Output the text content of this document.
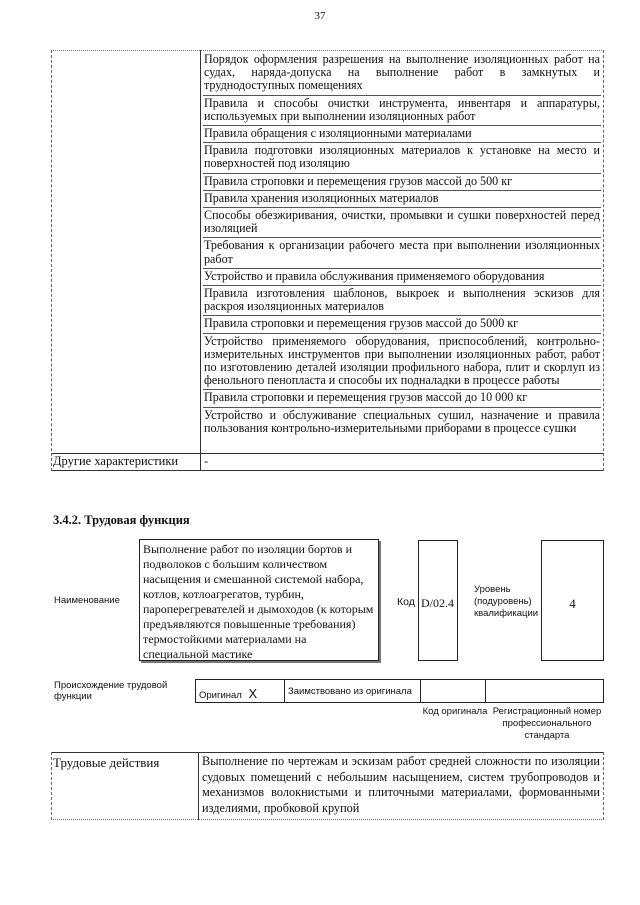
37
Порядок оформления разрешения на выполнение изоляционных работ на судах, наряда-допуска на выполнение работ в замкнутых и труднодоступных помещениях
Правила и способы очистки инструмента, инвентаря и аппаратуры, используемых при выполнении изоляционных работ
Правила обращения с изоляционными материалами
Правила подготовки изоляционных материалов к установке на место и поверхностей под изоляцию
Правила строповки и перемещения грузов массой до 500 кг
Правила хранения изоляционных материалов
Способы обезжиривания, очистки, промывки и сушки поверхностей перед изоляцией
Требования к организации рабочего места при выполнении изоляционных работ
Устройство и правила обслуживания применяемого оборудования
Правила изготовления шаблонов, выкроек и выполнения эскизов для раскроя изоляционных материалов
Правила строповки и перемещения грузов массой до 5000 кг
Устройство применяемого оборудования, приспособлений, контрольно-измерительных инструментов при выполнении изоляционных работ, работ по изготовлению деталей изоляции профильного набора, плит и скорлуп из фенольного пенопласта и способы их подналадки в процессе работы
Правила строповки и перемещения грузов массой до 10 000 кг
Устройство и обслуживание специальных сушил, назначение и правила пользования контрольно-измерительными приборами в процессе сушки
Другие характеристики -
3.4.2. Трудовая функция
Наименование
Выполнение работ по изоляции бортов и подволоков с большим количеством насыщения и смешанной системой набора, котлов, котлоагрегатов, турбин, пароперегревателей и дымоходов (к которым предъявляются повышенные требования) термостойкими материалами на специальной мастике
Код D/02.4
Уровень (подуровень) квалификации
4
Происхождение трудовой функции	Оригинал X	Заимствовано из оригинала
Код оригинала Регистрационный номер профессионального стандарта
Трудовые действия	Выполнение по чертежам и эскизам работ средней сложности по изоляции судовых помещений с небольшим насыщением, систем трубопроводов и механизмов волокнистыми и плиточными материалами, формованными изделиями, пробковой крупой
